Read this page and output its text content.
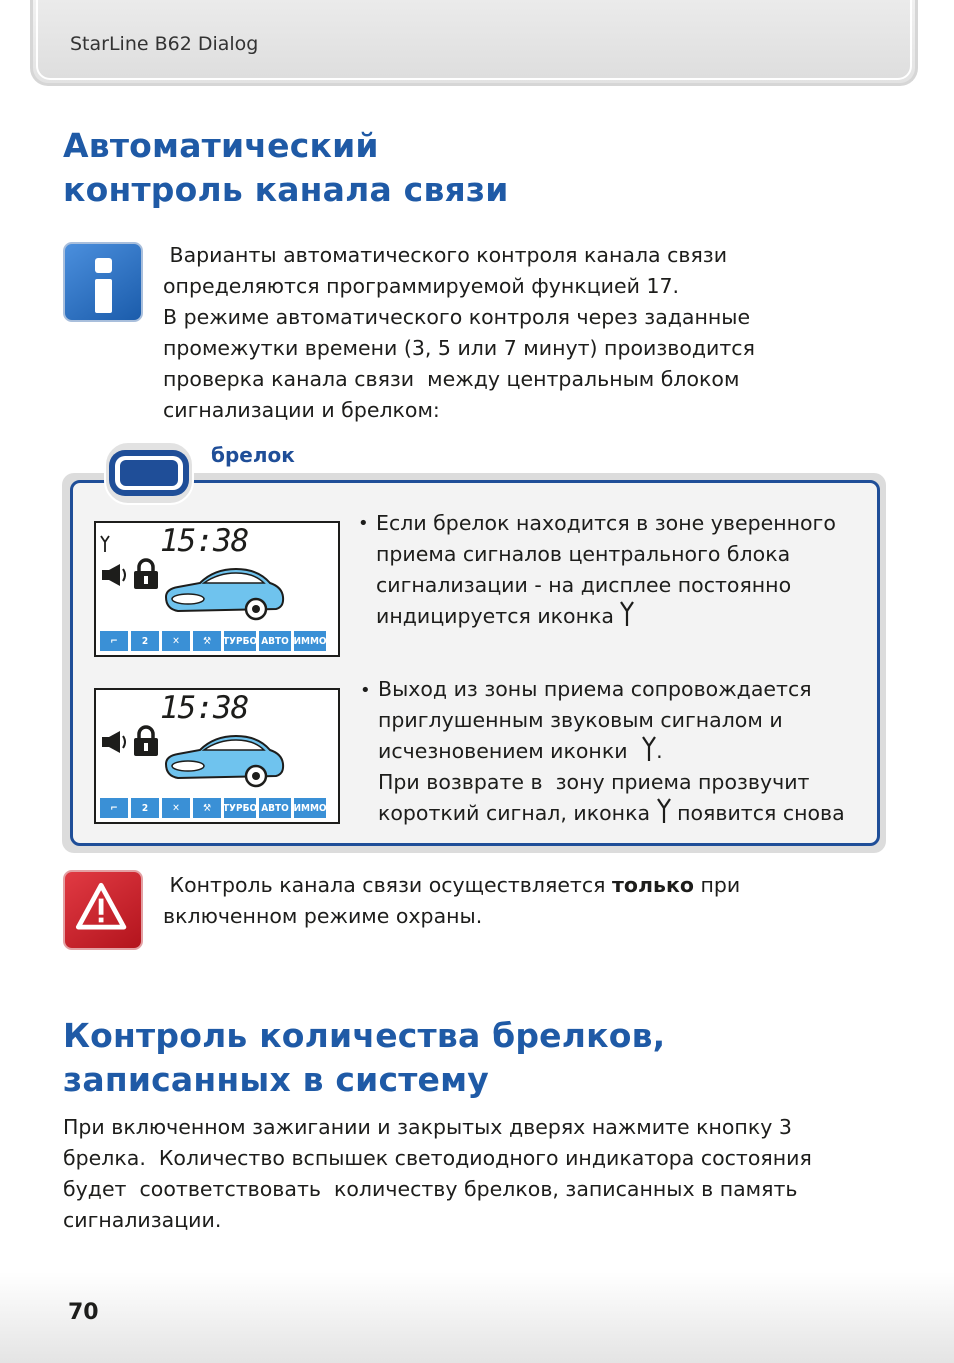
StarLine B62 Dialog
Автоматический
контроль канала связи
Варианты автоматического контроля канала связи
определяются программируемой функцией 17.
В режиме автоматического контроля через заданные
промежутки времени (3, 5 или 7 минут) производится
проверка канала связи  между центральным блоком
сигнализации и брелком:
брелок
15:38
⌐	2	✕	⚒	ТУРБО АВТО ИММО
15:38
⌐	2	✕	⚒	ТУРБО АВТО ИММО
• Если брелок находится в зоне уверенного
приема сигналов центрального блока
сигнализации - на дисплее постоянно
индицируется иконка
• Выход из зоны приема сопровождается
приглушенным звуковым сигналом и
исчезновением иконки .
При возврате в  зону приема прозвучит
короткий сигнал, иконка появится снова
Контроль канала связи осуществляется только при
включенном режиме охраны.
Контроль количества брелков,
записанных в систему
При включенном зажигании и закрытых дверях нажмите кнопку 3
брелка.  Количество вспышек светодиодного индикатора состояния
будет  соответствовать  количеству брелков, записанных в память
сигнализации.
70
